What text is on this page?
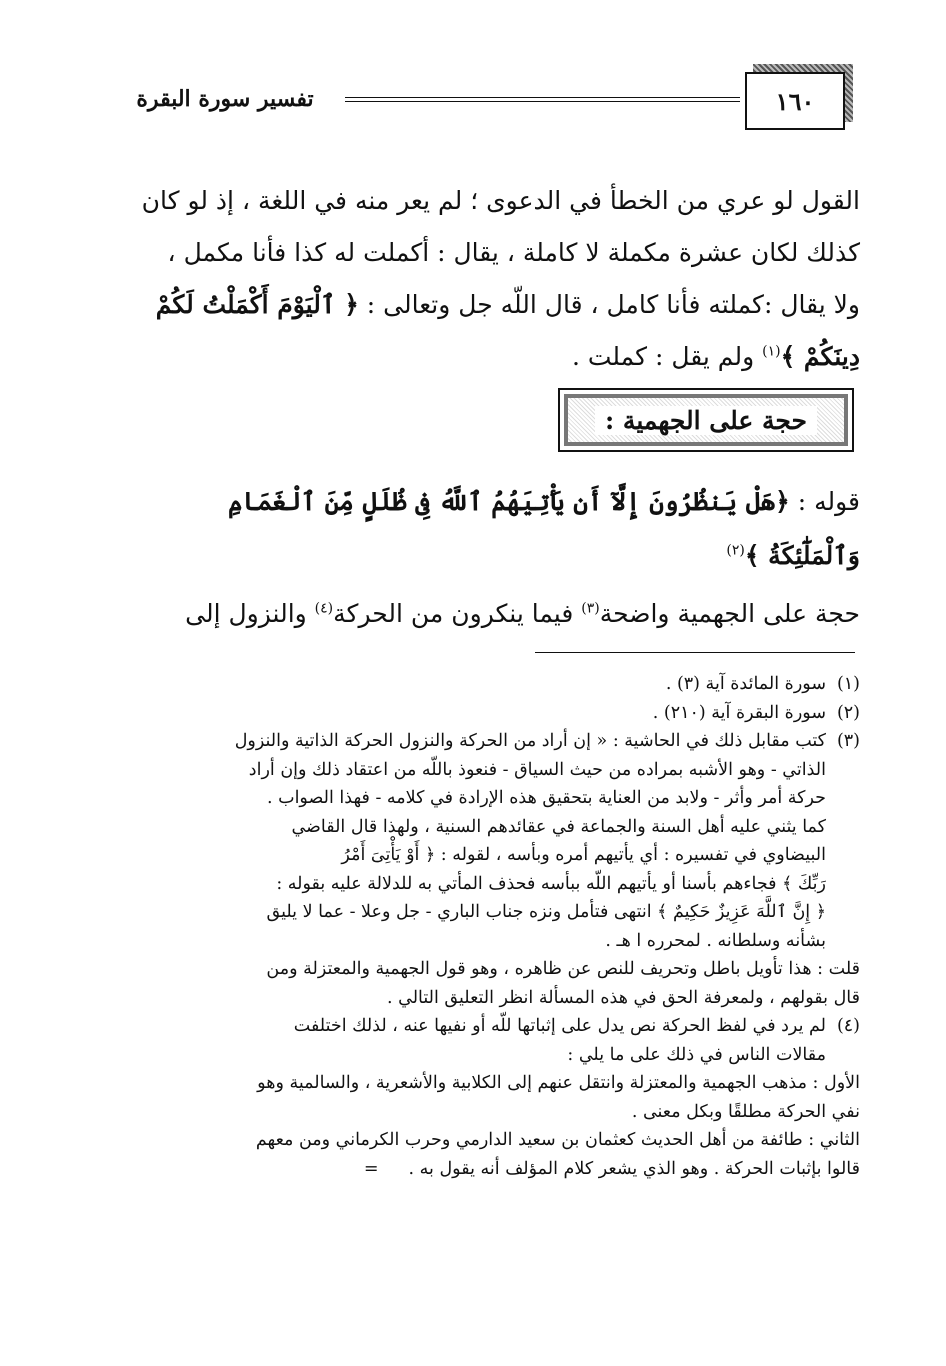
١٦٠
تفسير سورة البقرة

القول لو عري من الخطأ في الدعوى ؛ لم يعر منه في اللغة ، إذ لو كان

كذلك لكان عشرة مكملة لا كاملة ، يقال : أكملت له كذا فأنا مكمل ،

ولا يقال :كملته فأنا كامل ، قال اللّه جل وتعالى : ﴿ ٱلْيَوْمَ أَكْمَلْتُ لَكُمْ

دِينَكُمْ ﴾$^{(١)}$ ولم يقل : كملت .

حجة على الجهمية :

قوله : ﴿هَلْ يَنظُرُونَ إِلَّآ أَن يَأْتِيَهُمُ ٱللَّهُ فِى ظُلَلٍ مِّنَ ٱلْغَمَامِ

وَٱلْمَلَٰٓئِكَةُ ﴾$^{(٢)}$

حجة على الجهمية واضحة$^{(٣)}$ فيما ينكرون من الحركة$^{(٤)}$ والنزول إلى

(١)سورة المائدة آية (٣) .

(٢)سورة البقرة آية (٢١٠) .

(٣)كتب مقابل ذلك في الحاشية : « إن أراد من الحركة والنزول الحركة الذاتية والنزول

الذاتي - وهو الأشبه بمراده من حيث السياق - فنعوذ باللّه من اعتقاد ذلك وإن أراد

حركة أمر وأثر - ولابد من العناية بتحقيق هذه الإرادة في كلامه - فهذا الصواب .

كما يثني عليه أهل السنة والجماعة في عقائدهم السنية ، ولهذا قال القاضي

البيضاوي في تفسيره : أي يأتيهم أمره وبأسه ، لقوله : ﴿ أَوْ يَأْتِىَ أَمْرُ

رَبِّكَ ﴾ فجاءهم بأسنا أو يأتيهم اللّه ببأسه فحذف المأتي به للدلالة عليه بقوله :

﴿ إِنَّ ٱللَّهَ عَزِيزٌ حَكِيمٌ ﴾ انتهى فتأمل ونزه جناب الباري - جل وعلا - عما لا يليق

بشأنه وسلطانه . لمحرره ا هـ .

قلت : هذا تأويل باطل وتحريف للنص عن ظاهره ، وهو قول الجهمية والمعتزلة ومن

قال بقولهم ، ولمعرفة الحق في هذه المسألة انظر التعليق التالي .

(٤)لم يرد في لفظ الحركة نص يدل على إثباتها للّه أو نفيها عنه ، لذلك اختلفت

مقالات الناس في ذلك على ما يلي :

الأول : مذهب الجهمية والمعتزلة وانتقل عنهم إلى الكلابية والأشعرية ، والسالمية وهو

نفي الحركة مطلقًا وبكل معنى .

الثاني : طائفة من أهل الحديث كعثمان بن سعيد الدارمي وحرب الكرماني ومن معهم

قالوا بإثبات الحركة . وهو الذي يشعر كلام المؤلف أنه يقول به .=
